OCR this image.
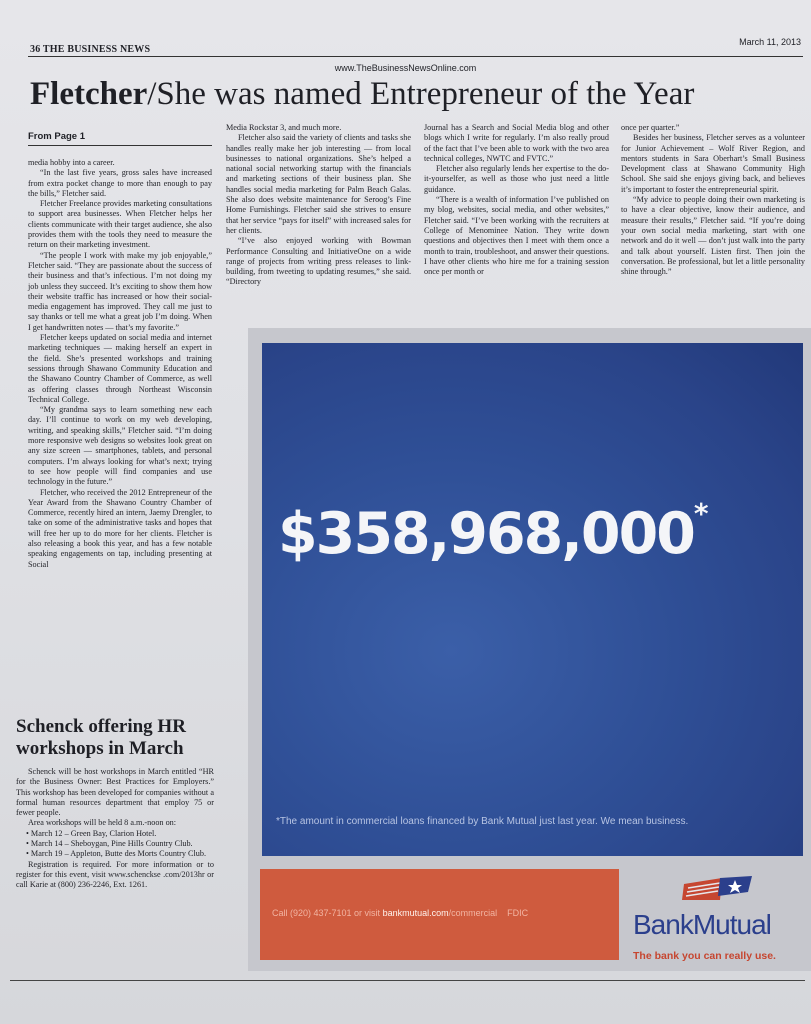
36 THE BUSINESS NEWS
March 11, 2013
www.TheBusinessNewsOnline.com
Fletcher/She was named Entrepreneur of the Year
From Page 1

media hobby into a career.

“In the last five years, gross sales have increased from extra pocket change to more than enough to pay the bills,” Fletcher said.

Fletcher Freelance provides marketing consultations to support area businesses. When Fletcher helps her clients communicate with their target audience, she also provides them with the tools they need to measure the return on their marketing investment.

“The people I work with make my job enjoyable,” Fletcher said. “They are passionate about the success of their business and that’s infectious. I’m not doing my job unless they succeed. It’s exciting to show them how their website traffic has increased or how their social-media engagement has improved. They call me just to say thanks or tell me what a great job I’m doing. When I get handwritten notes — that’s my favorite.”

Fletcher keeps updated on social media and internet marketing techniques — making herself an expert in the field. She’s presented workshops and training sessions through Shawano Community Education and the Shawano Country Chamber of Commerce, as well as offering classes through Northeast Wisconsin Technical College.

“My grandma says to learn something new each day. I’ll continue to work on my web developing, writing, and speaking skills,” Fletcher said. “I’m doing more responsive web designs so websites look great on any size screen — smartphones, tablets, and personal computers. I’m always looking for what’s next; trying to see how people will find companies and use technology in the future.”

Fletcher, who received the 2012 Entrepreneur of the Year Award from the Shawano Country Chamber of Commerce, recently hired an intern, Jaemy Drengler, to take on some of the administrative tasks and hopes that will free her up to do more for her clients. Fletcher is also releasing a book this year, and has a few notable speaking engagements on tap, including presenting at Social

Media Rockstar 3, and much more.

Fletcher also said the variety of clients and tasks she handles really make her job interesting — from local businesses to national organizations. She’s helped a national social networking startup with the financials and marketing sections of their business plan. She handles social media marketing for Palm Beach Galas. She also does website maintenance for Seroog’s Fine Home Furnishings. Fletcher said she strives to ensure that her service “pays for itself” with increased sales for her clients.

“I’ve also enjoyed working with Bowman Performance Consulting and InitiativeOne on a wide range of projects from writing press releases to link-building, from tweeting to updating resumes,” she said. “Directory

Journal has a Search and Social Media blog and other blogs which I write for regularly. I’m also really proud of the fact that I’ve been able to work with the two area technical colleges, NWTC and FVTC.”

Fletcher also regularly lends her expertise to the do-it-yourselfer, as well as those who just need a little guidance.

“There is a wealth of information I’ve published on my blog, websites, social media, and other websites,” Fletcher said. “I’ve been working with the recruiters at College of Menominee Nation. They write down questions and objectives then I meet with them once a month to train, troubleshoot, and answer their questions. I have other clients who hire me for a training session once per month or

once per quarter.”

Besides her business, Fletcher serves as a volunteer for Junior Achievement – Wolf River Region, and mentors students in Sara Oberhart’s Small Business Development class at Shawano Community High School. She said she enjoys giving back, and believes it’s important to foster the entrepreneurial spirit.

“My advice to people doing their own marketing is to have a clear objective, know their audience, and measure their results,” Fletcher said. “If you’re doing your own social media marketing, start with one network and do it well — don’t just walk into the party and talk about yourself. Listen first. Then join the conversation. Be professional, but let a little personality shine through.”

Schenck offering HR workshops in March

Schenck will be host workshops in March entitled “HR for the Business Owner: Best Practices for Employers.” This workshop has been developed for companies without a formal human resources department that employ 75 or fewer people.

Area workshops will be held 8 a.m.-noon on:

• March 12 – Green Bay, Clarion Hotel.
• March 14 – Sheboygan, Pine Hills Country Club.
• March 19 – Appleton, Butte des Morts Country Club.

Registration is required. For more information or to register for this event, visit www.schenckse .com/2013hr or call Karie at (800) 236-2246, Ext. 1261.

$358,968,000*
*The amount in commercial loans financed by Bank Mutual just last year. We mean business.
Call (920) 437-7101 or visit bankmutual.com/commercial FDIC	BankMutual
The bank you can really use.
